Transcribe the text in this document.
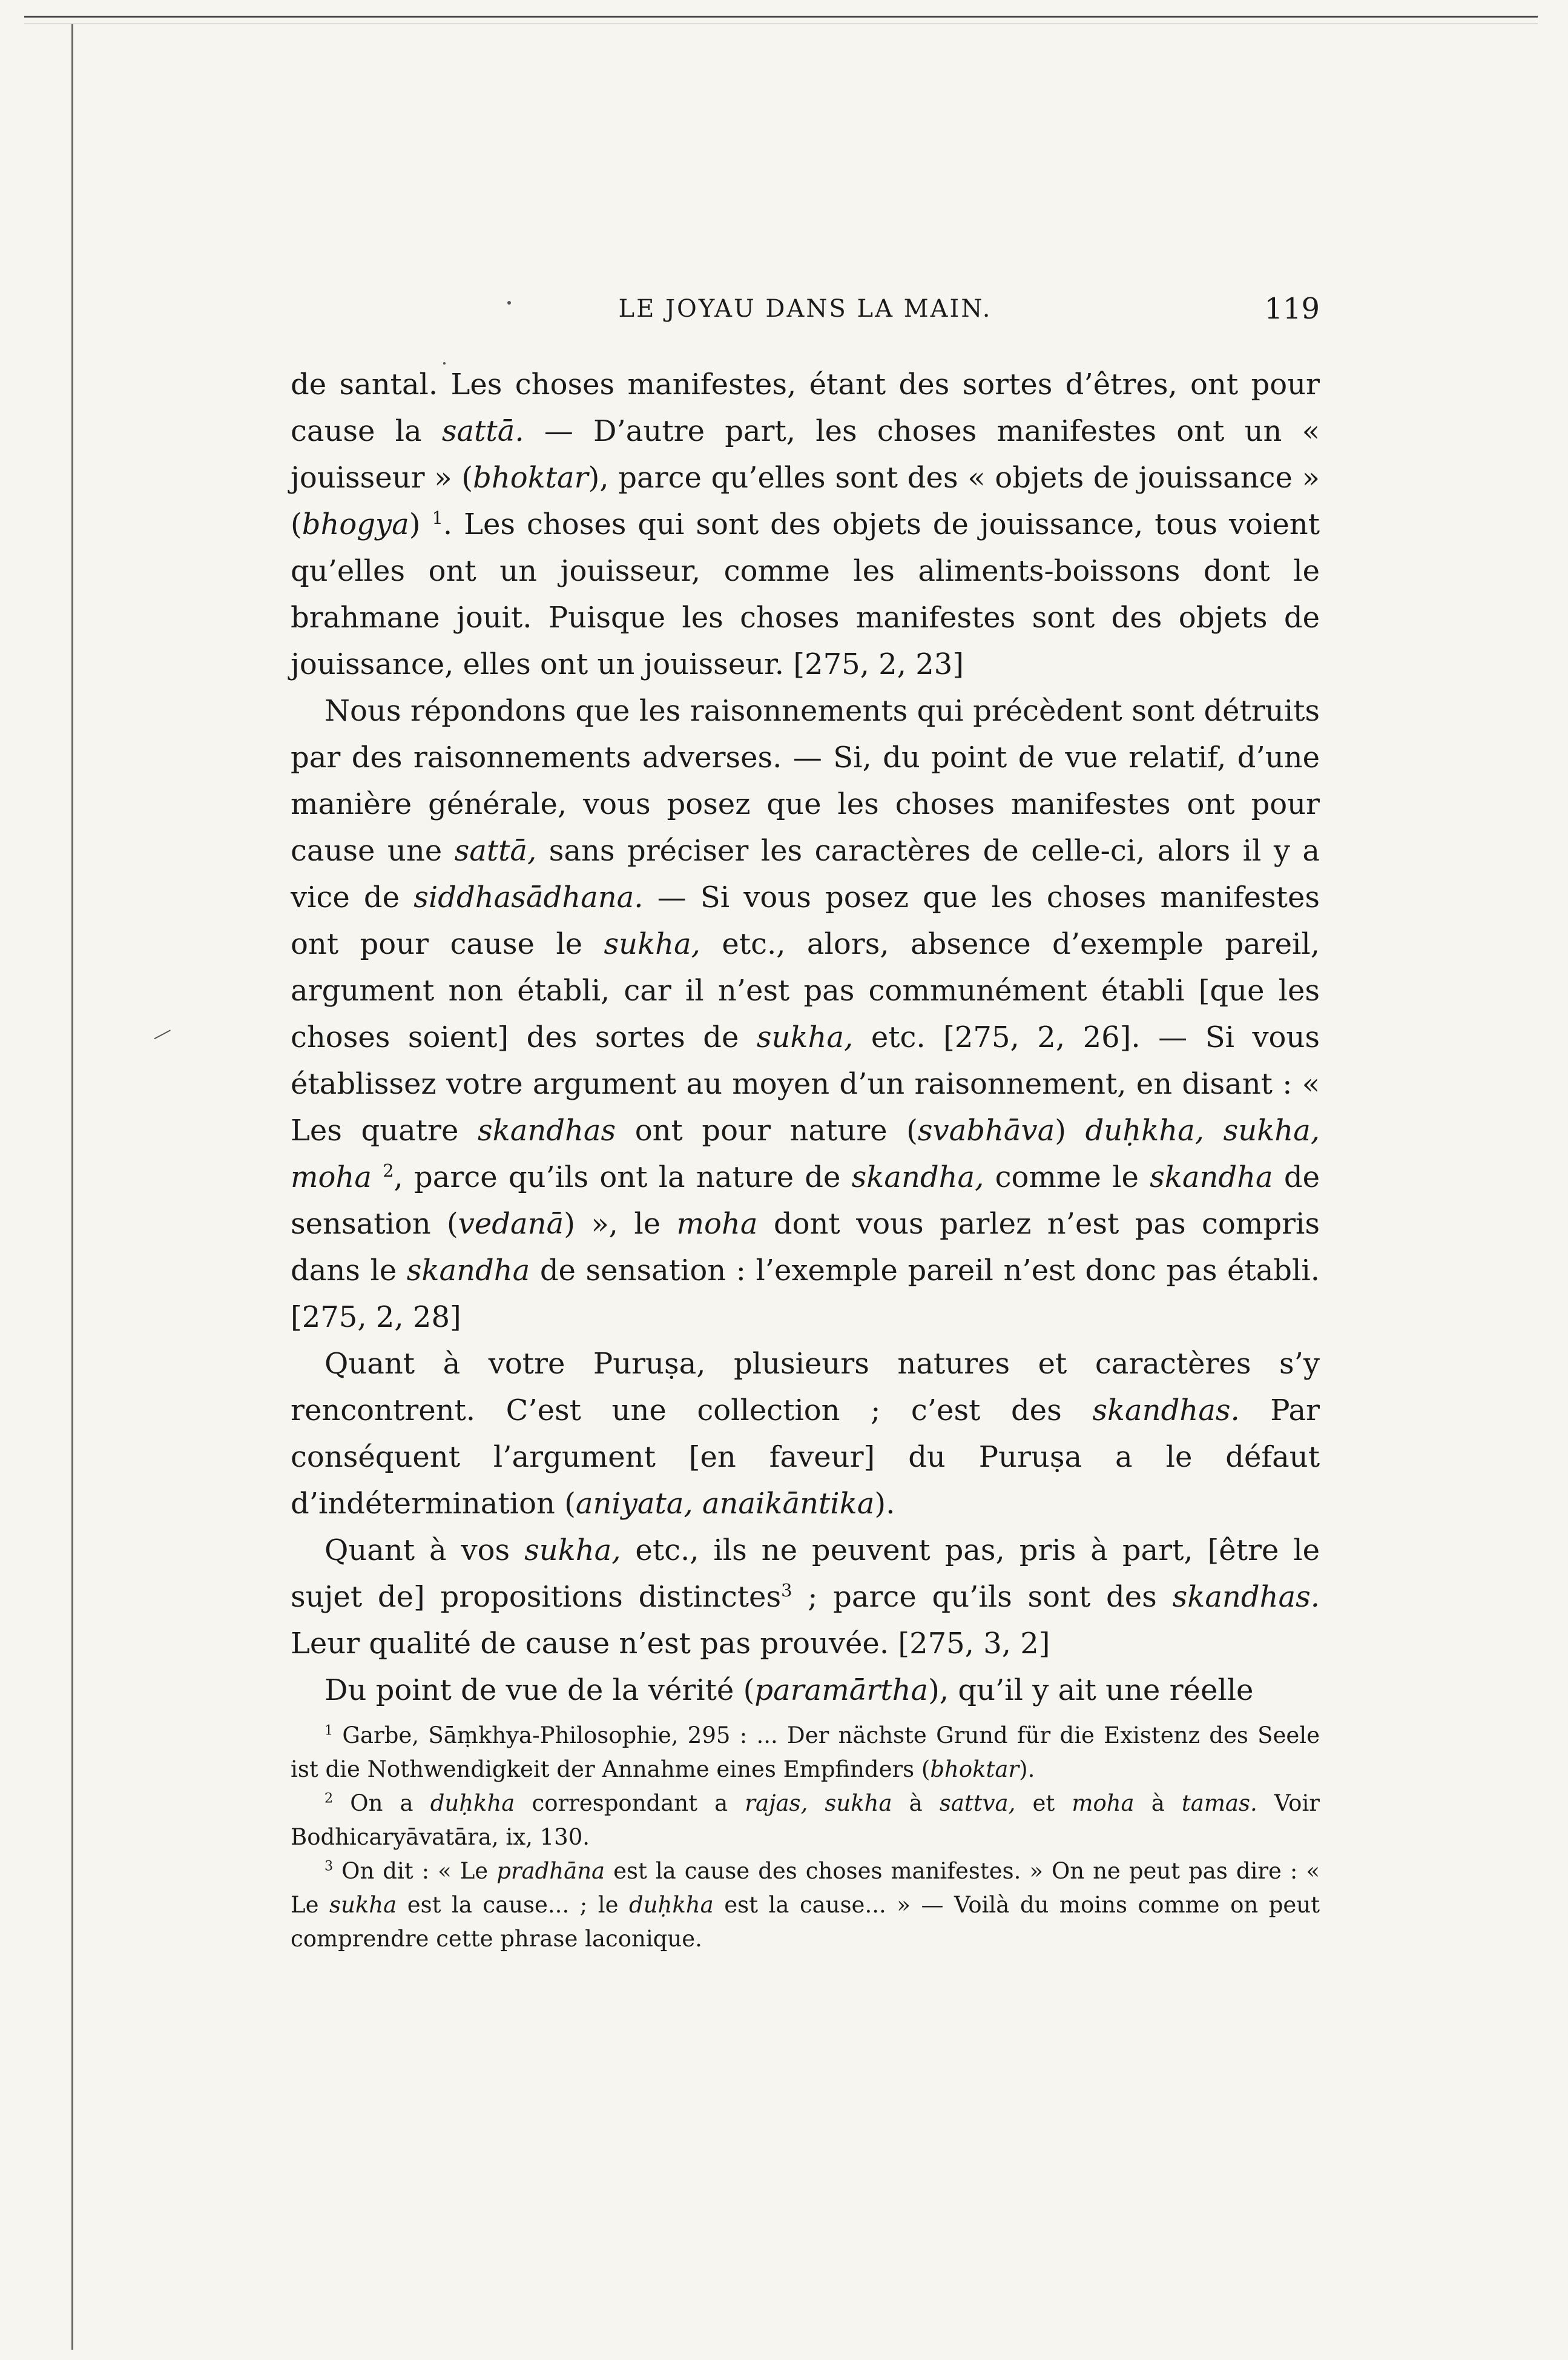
LE JOYAU DANS LA MAIN.	119

de santal. Les choses manifestes, étant des sortes d’êtres, ont pour cause la sattā. — D’autre part, les choses manifestes ont un « jouisseur » (bhoktar), parce qu’elles sont des « objets de jouissance » (bhogya) $^1$. Les choses qui sont des objets de jouissance, tous voient qu’elles ont un jouisseur, comme les aliments-boissons dont le brahmane jouit. Puisque les choses manifestes sont des objets de jouissance, elles ont un jouisseur. [275, 2, 23]

Nous répondons que les raisonnements qui précèdent sont détruits par des raisonnements adverses. — Si, du point de vue relatif, d’une manière générale, vous posez que les choses manifestes ont pour cause une sattā, sans préciser les caractères de celle-ci, alors il y a vice de siddhasādhana. — Si vous posez que les choses manifestes ont pour cause le sukha, etc., alors, absence d’exemple pareil, argument non établi, car il n’est pas communément établi [que les choses soient] des sortes de sukha, etc. [275, 2, 26]. — Si vous établissez votre argument au moyen d’un raisonnement, en disant : « Les quatre skandhas ont pour nature (svabhāva) duḥkha, sukha, moha $^2$, parce qu’ils ont la nature de skandha, comme le skandha de sensation (vedanā) », le moha dont vous parlez n’est pas compris dans le skandha de sensation : l’exemple pareil n’est donc pas établi. [275, 2, 28]

Quant à votre Puruṣa, plusieurs natures et caractères s’y rencontrent. C’est une collection ; c’est des skandhas. Par conséquent l’argument [en faveur] du Puruṣa a le défaut d’indétermination (aniyata, anaikāntika).

Quant à vos sukha, etc., ils ne peuvent pas, pris à part, [être le sujet de] propositions distinctes$^3$ ; parce qu’ils sont des skandhas. Leur qualité de cause n’est pas prouvée. [275, 3, 2]

Du point de vue de la vérité (paramārtha), qu’il y ait une réelle

$^1$ Garbe, Sāṃkhya-Philosophie, 295 : ... Der nächste Grund für die Existenz des Seele ist die Nothwendigkeit der Annahme eines Empfinders (bhoktar).

$^2$ On a duḥkha correspondant a rajas, sukha à sattva, et moha à tamas. Voir Bodhicaryāvatāra, ix, 130.

$^3$ On dit : « Le pradhāna est la cause des choses manifestes. » On ne peut pas dire : « Le sukha est la cause... ; le duḥkha est la cause... » — Voilà du moins comme on peut comprendre cette phrase laconique.
